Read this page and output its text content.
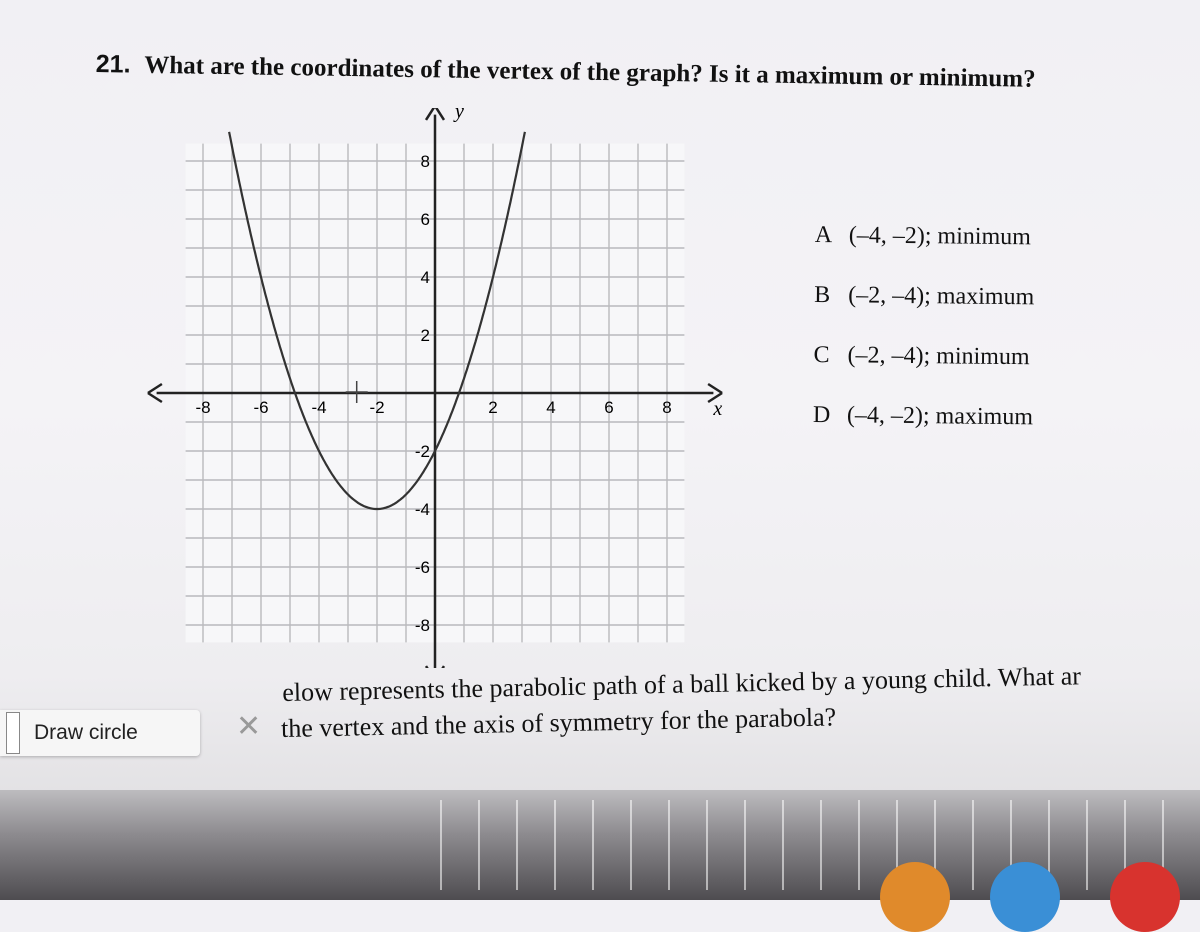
21. What are the coordinates of the vertex of the graph? Is it a maximum or minimum?
x
y
-8	-6	-4	-2	2	4	6	8
8
6
4
2
-2
-4
-6
-8
A (–4, –2); minimum
B (–2, –4); maximum
C (–2, –4); minimum
D (–4, –2); maximum
Draw circle	✕
elow represents the parabolic path of a ball kicked by a young child. What ar
the vertex and the axis of symmetry for the parabola?
